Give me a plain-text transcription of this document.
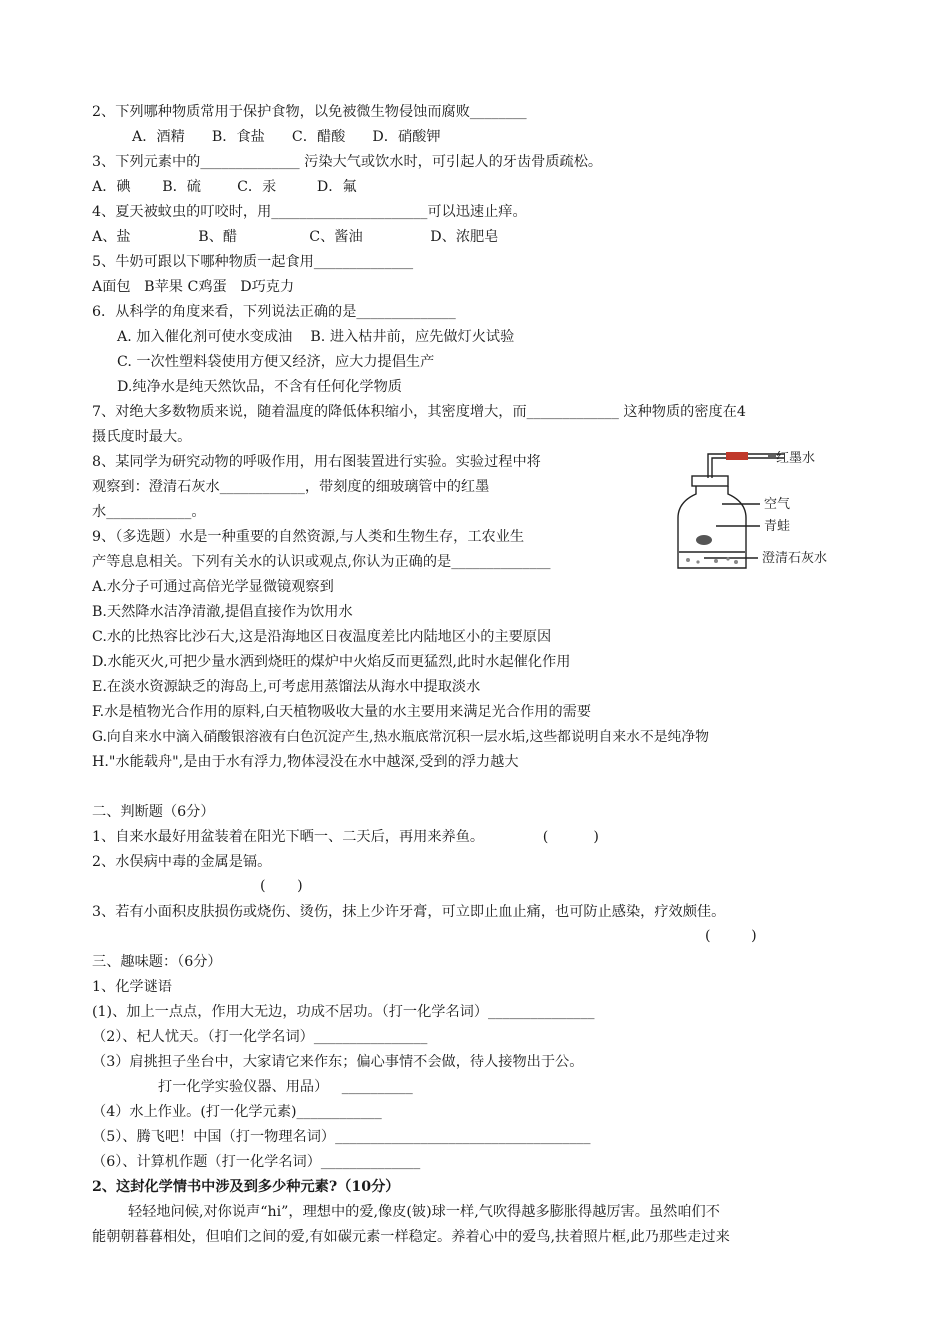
2、下列哪种物质常用于保护食物，以免被微生物侵蚀而腐败________
A．酒精      B．食盐      C．醋酸      D．硝酸钾
3、下列元素中的______________ 污染大气或饮水时，可引起人的牙齿骨质疏松。
A．碘       B．硫        C．汞         D．氟
4、夏天被蚊虫的叮咬时，用______________________可以迅速止痒。
A、盐               B、醋                C、酱油               D、浓肥皂
5、牛奶可跟以下哪种物质一起食用______________
A面包   B苹果 C鸡蛋   D巧克力
6．从科学的角度来看，下列说法正确的是______________
A. 加入催化剂可使水变成油    B. 进入枯井前，应先做灯火试验
C. 一次性塑料袋使用方便又经济，应大力提倡生产
D.纯净水是纯天然饮品，不含有任何化学物质
7、对绝大多数物质来说，随着温度的降低体积缩小，其密度增大，而_____________ 这种物质的密度在4
摄氏度时最大。
8、某同学为研究动物的呼吸作用，用右图装置进行实验。实验过程中将
观察到：澄清石灰水____________，带刻度的细玻璃管中的红墨
水____________。
9、（多选题）水是一种重要的自然资源,与人类和生物生存，工农业生
产等息息相关。下列有关水的认识或观点,你认为正确的是______________
A.水分子可通过高倍光学显微镜观察到
B.天然降水洁净清澈,提倡直接作为饮用水
C.水的比热容比沙石大,这是沿海地区日夜温度差比内陆地区小的主要原因
D.水能灭火,可把少量水洒到烧旺的煤炉中火焰反而更猛烈,此时水起催化作用
E.在淡水资源缺乏的海岛上,可考虑用蒸馏法从海水中提取淡水
F.水是植物光合作用的原料,白天植物吸收大量的水主要用来满足光合作用的需要
G.向自来水中滴入硝酸银溶液有白色沉淀产生,热水瓶底常沉积一层水垢,这些都说明自来水不是纯净物
H."水能载舟",是由于水有浮力,物体浸没在水中越深,受到的浮力越大
红墨水
空气
青蛙
澄清石灰水
二、判断题（6分）
1、自来水最好用盆装着在阳光下晒一、二天后，再用来养鱼。             (          )
2、水俣病中毒的金属是镉。
(       )
3、若有小面积皮肤损伤或烧伤、烫伤，抹上少许牙膏，可立即止血止痛，也可防止感染，疗效颇佳。
(         )
三、趣味题：（6分）
1、化学谜语
(1)、加上一点点，作用大无边，功成不居功。（打一化学名词）_______________
（2）、杞人忧天。（打一化学名词）________________
（3）肩挑担子坐台中，大家请它来作东；偏心事情不会做，待人接物出于公。
打一化学实验仪器、用品）   __________
（4）水上作业。(打一化学元素)____________
（5）、腾飞吧！中国（打一物理名词）____________________________________
（6）、计算机作题（打一化学名词）______________
2、这封化学情书中涉及到多少种元素?（10分）
轻轻地问候,对你说声“hi”，理想中的爱,像皮(铍)球一样,气吹得越多膨胀得越厉害。虽然咱们不
能朝朝暮暮相处，但咱们之间的爱,有如碳元素一样稳定。养着心中的爱鸟,扶着照片框,此乃那些走过来
